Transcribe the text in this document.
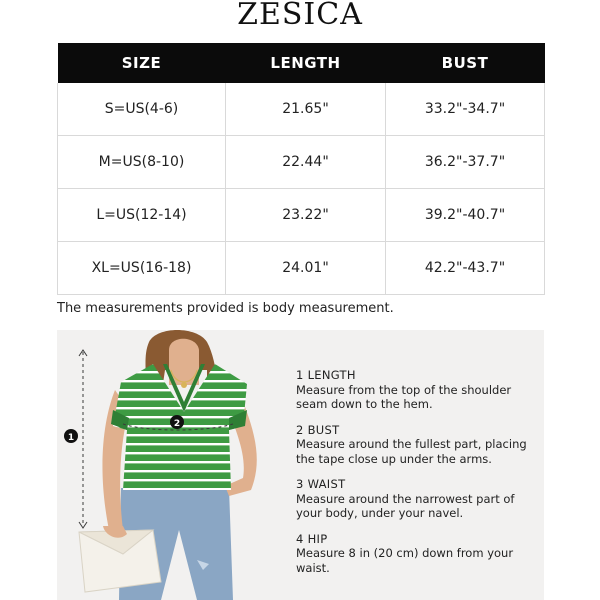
ZESICA
SIZE	LENGTH	BUST
S=US(4-6)	21.65"	33.2"-34.7"
M=US(8-10)	22.44"	36.2"-37.7"
L=US(12-14)	23.22"	39.2"-40.7"
XL=US(16-18)	24.01"	42.2"-43.7"
The measurements provided is body measurement.
1
2
1 LENGTH
Measure from the top of the shoulder
seam down to the hem.
2 BUST
Measure around the fullest part, placing
the tape close up under the arms.
3 WAIST
Measure around the narrowest part of
your body, under your navel.
4 HIP
Measure 8 in (20 cm) down from your waist.
